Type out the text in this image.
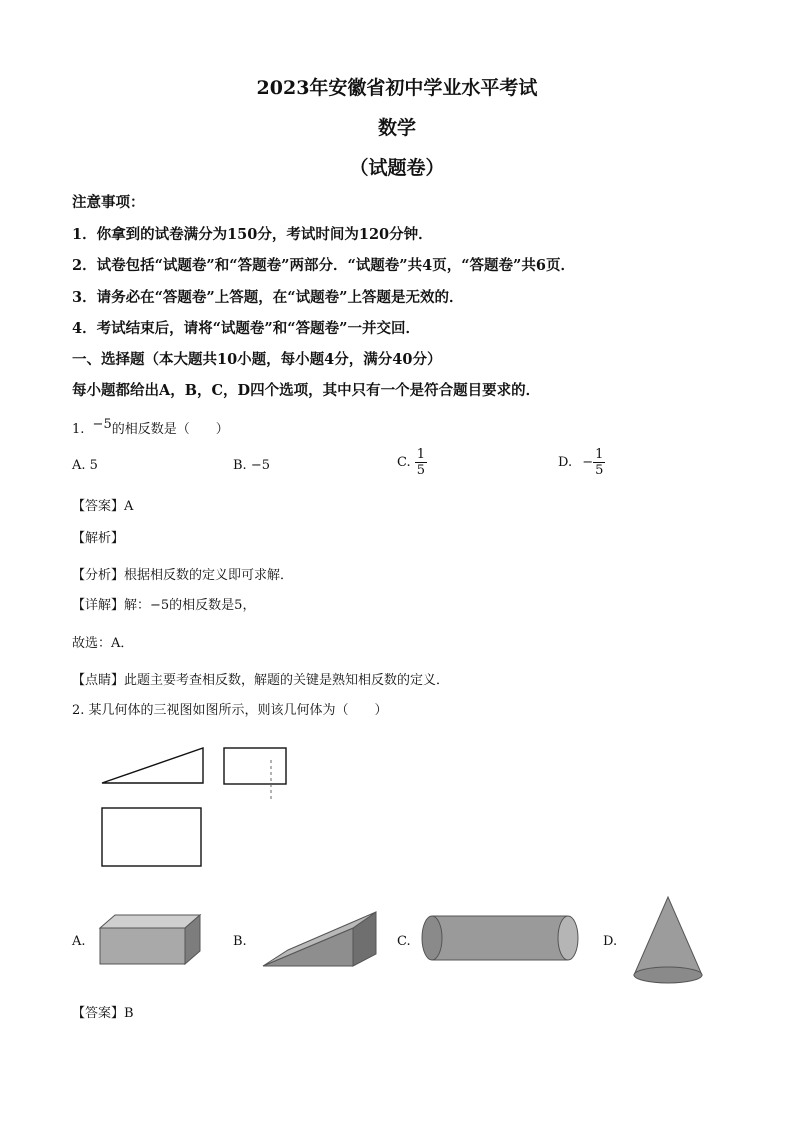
2023年安徽省初中学业水平考试
数学
（试题卷）
注意事项：
1．你拿到的试卷满分为150分，考试时间为120分钟．
2．试卷包括“试题卷”和“答题卷”两部分．“试题卷”共4页，“答题卷”共6页．
3．请务必在“答题卷”上答题，在“试题卷”上答题是无效的．
4．考试结束后，请将“试题卷”和“答题卷”一并交回．
一、选择题（本大题共10小题，每小题4分，满分40分）
每小题都给出A，B，C，D四个选项，其中只有一个是符合题目要求的．
1. −5的相反数是（　　）
A. 5	B. −5	C. $\frac{1}{5}$	D. − $\frac{1}{5}$
【答案】A
【解析】
【分析】根据相反数的定义即可求解．
【详解】解：−5的相反数是5，
故选：A．
【点睛】此题主要考查相反数，解题的关键是熟知相反数的定义．
2. 某几何体的三视图如图所示，则该几何体为（　　）
A.	B.	C.	D.
【答案】B
